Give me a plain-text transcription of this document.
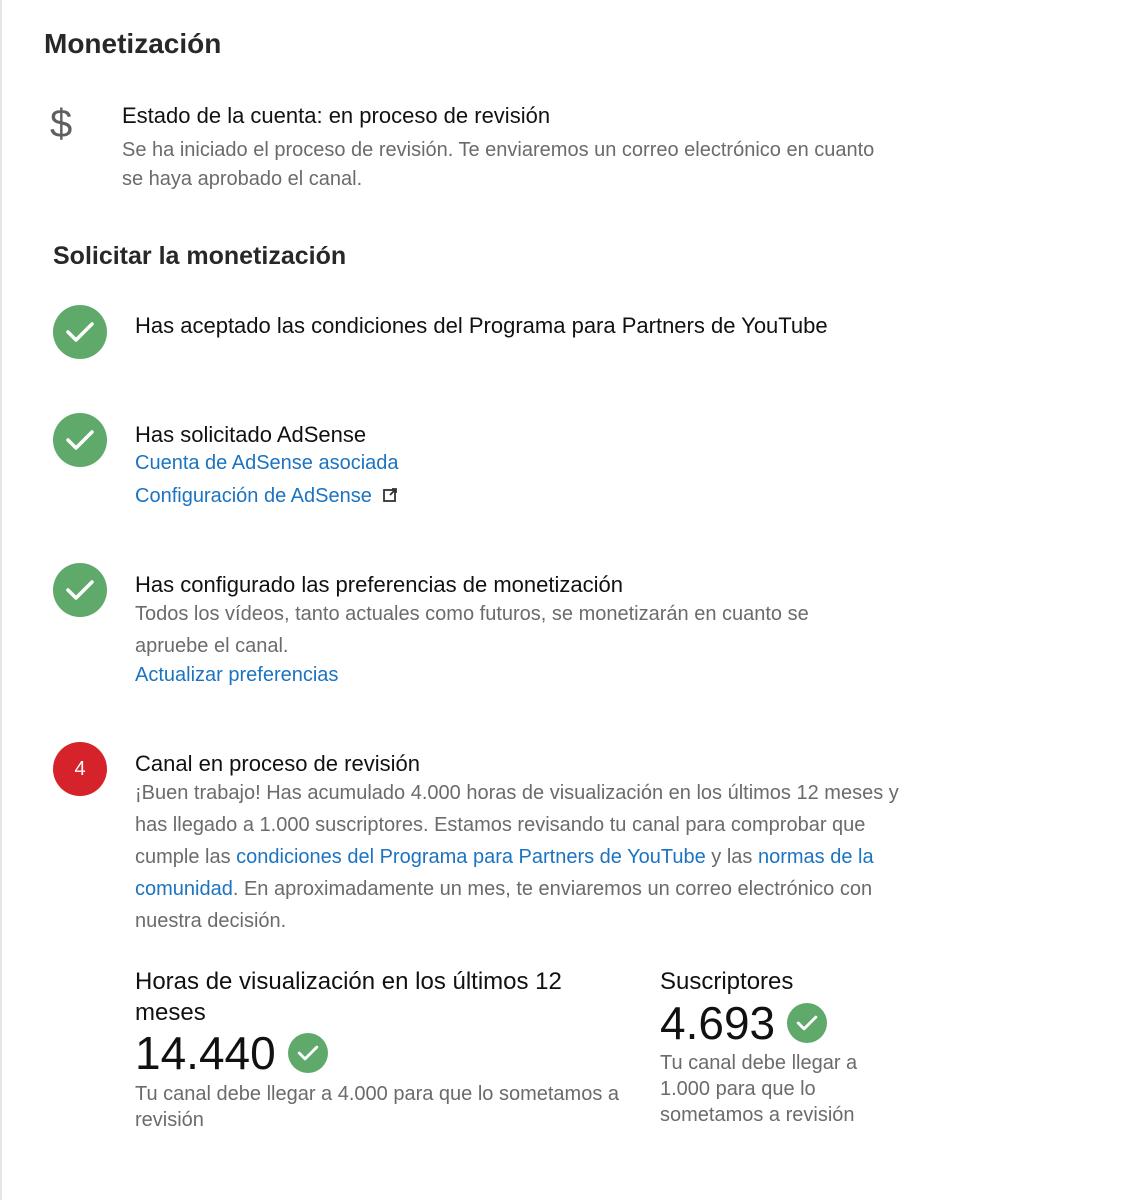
Monetización
$ Estado de la cuenta: en proceso de revisión
Se ha iniciado el proceso de revisión. Te enviaremos un correo electrónico en cuanto se haya aprobado el canal.
Solicitar la monetización
Has aceptado las condiciones del Programa para Partners de YouTube
Has solicitado AdSense
Cuenta de AdSense asociada
Configuración de AdSense
Has configurado las preferencias de monetización
Todos los vídeos, tanto actuales como futuros, se monetizarán en cuanto se apruebe el canal.
Actualizar preferencias
4 Canal en proceso de revisión
¡Buen trabajo! Has acumulado 4.000 horas de visualización en los últimos 12 meses y has llegado a 1.000 suscriptores. Estamos revisando tu canal para comprobar que cumple las condiciones del Programa para Partners de YouTube y las normas de la comunidad. En aproximadamente un mes, te enviaremos un correo electrónico con nuestra decisión.
Horas de visualización en los últimos 12 meses
14.440
Tu canal debe llegar a 4.000 para que lo sometamos a revisión
Suscriptores
4.693
Tu canal debe llegar a 1.000 para que lo sometamos a revisión
